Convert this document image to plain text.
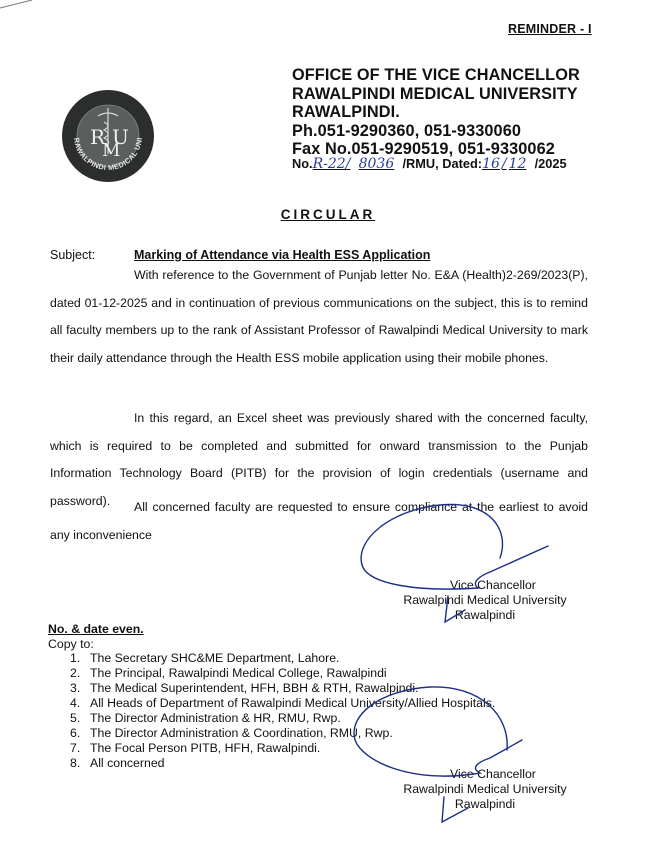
REMINDER - I
R
M
U
RAWALPINDI MEDICAL UNI
OFFICE OF THE VICE CHANCELLOR
RAWALPINDI MEDICAL UNIVERSITY
RAWALPINDI.
Ph.051-9290360, 051-9330060
Fax No.051-9290519, 051-9330062
No.R-22/ 8036 /RMU, Dated:16 / 12 /2025
CIRCULAR
Subject:	Marking of Attendance via Health ESS Application
With reference to the Government of Punjab letter No. E&A (Health)2-269/2023(P), dated 01-12-2025 and in continuation of previous communications on the subject, this is to remind all faculty members up to the rank of Assistant Professor of Rawalpindi Medical University to mark their daily attendance through the Health ESS mobile application using their mobile phones.
In this regard, an Excel sheet was previously shared with the concerned faculty, which is required to be completed and submitted for onward transmission to the Punjab Information Technology Board (PITB) for the provision of login credentials (username and password).	All concerned faculty are requested to ensure compliance at the earliest to avoid any inconvenience
Vice Chancellor
Rawalpindi Medical University
Rawalpindi
No. & date even.
Copy to:
1. The Secretary SHC&ME Department, Lahore.
2. The Principal, Rawalpindi Medical College, Rawalpindi
3. The Medical Superintendent, HFH, BBH & RTH, Rawalpindi.
4. All Heads of Department of Rawalpindi Medical University/Allied Hospitals.
5. The Director Administration & HR, RMU, Rwp.
6. The Director Administration & Coordination, RMU, Rwp.
7. The Focal Person PITB, HFH, Rawalpindi.
8. All concerned
Vice Chancellor
Rawalpindi Medical University
Rawalpindi
